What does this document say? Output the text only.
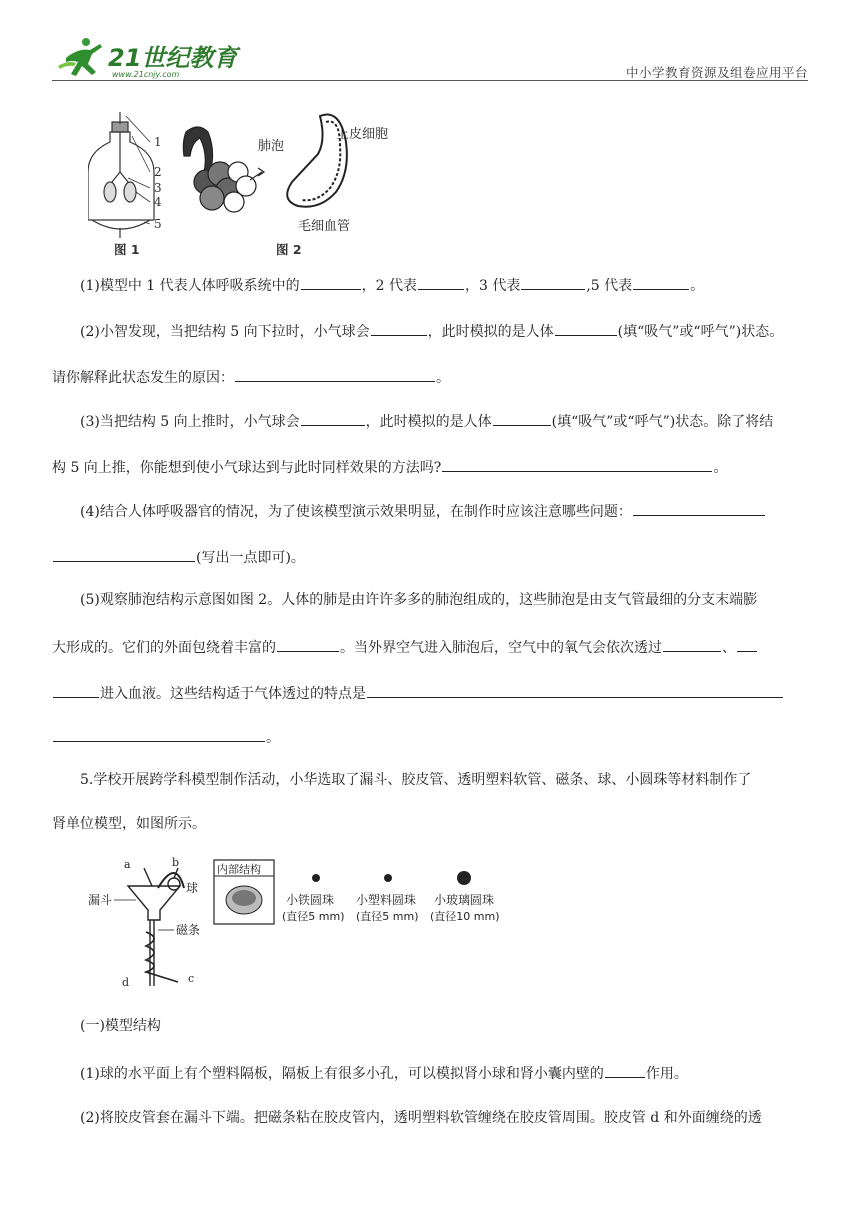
21世纪教育
www.21cnjy.com	中小学教育资源及组卷应用平台
1
2
3
4
5
肺泡
上皮细胞
毛细血管
图 1	图 2
(1)模型中 1 代表人体呼吸系统中的	，2 代表	，3 代表	,5 代表	。
(2)小智发现，当把结构 5 向下拉时，小气球会	，此时模拟的是人体	(填“吸气”或“呼气”)状态。
请你解释此状态发生的原因：	。
(3)当把结构 5 向上推时，小气球会	，此时模拟的是人体	(填“吸气”或“呼气”)状态。除了将结
构 5 向上推，你能想到使小气球达到与此时同样效果的方法吗?	。
(4)结合人体呼吸器官的情况，为了使该模型演示效果明显，在制作时应该注意哪些问题：
(写出一点即可)。
(5)观察肺泡结构示意图如图 2。人体的肺是由许许多多的肺泡组成的，这些肺泡是由支气管最细的分支末端膨
大形成的。它们的外面包绕着丰富的	。当外界空气进入肺泡后，空气中的氧气会依次透过	、
进入血液。这些结构适于气体透过的特点是
。
5.学校开展跨学科模型制作活动，小华选取了漏斗、胶皮管、透明塑料软管、磁条、球、小圆珠等材料制作了
肾单位模型，如图所示。
a	b
漏斗
球
磁条
d	c
内部结构
小铁圆珠
(直径5 mm)
小塑料圆珠
(直径5 mm)
小玻璃圆珠
(直径10 mm)
(一)模型结构
(1)球的水平面上有个塑料隔板，隔板上有很多小孔，可以模拟肾小球和肾小囊内壁的	作用。
(2)将胶皮管套在漏斗下端。把磁条粘在胶皮管内，透明塑料软管缠绕在胶皮管周围。胶皮管 d 和外面缠绕的透
